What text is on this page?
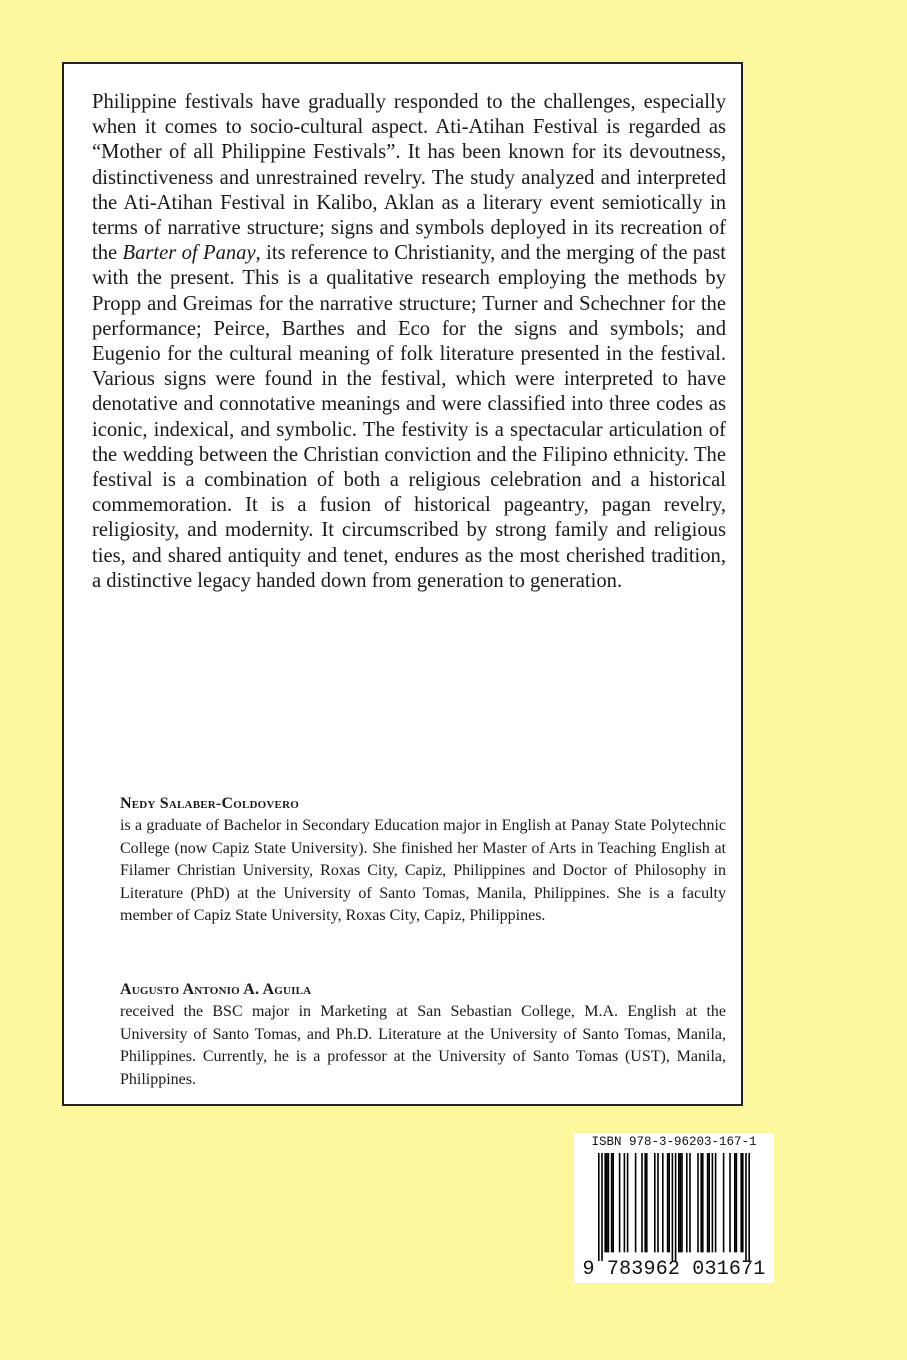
Philippine festivals have gradually responded to the challenges, especially when it comes to socio-cultural aspect. Ati-Atihan Festival is regarded as “Mother of all Philippine Festivals”. It has been known for its devoutness, distinctiveness and unrestrained revelry. The study analyzed and interpreted the Ati-Atihan Festival in Kalibo, Aklan as a literary event semiotically in terms of narrative structure; signs and symbols deployed in its recreation of the Barter of Panay, its reference to Christianity, and the merging of the past with the present. This is a qualitative research employing the methods by Propp and Greimas for the narrative structure; Turner and Schechner for the performance; Peirce, Barthes and Eco for the signs and symbols; and Eugenio for the cultural meaning of folk literature presented in the festival. Various signs were found in the festival, which were interpreted to have denotative and connotative meanings and were classified into three codes as iconic, indexical, and symbolic. The festivity is a spectacular articulation of the wedding between the Christian conviction and the Filipino ethnicity. The festival is a combination of both a religious celebration and a historical commemoration. It is a fusion of historical pageantry, pagan revelry, religiosity, and modernity. It circumscribed by strong family and religious ties, and shared antiquity and tenet, endures as the most cherished tradition, a distinctive legacy handed down from generation to generation.

Nedy Salaber-Coldovero

is a graduate of Bachelor in Secondary Education major in English at Panay State Polytechnic College (now Capiz State University). She finished her Master of Arts in Teaching English at Filamer Christian University, Roxas City, Capiz, Philippines and Doctor of Philosophy in Literature (PhD) at the University of Santo Tomas, Manila, Philippines. She is a faculty member of Capiz State University, Roxas City, Capiz, Philippines.

Augusto Antonio A. Aguila

received the BSC major in Marketing at San Sebastian College, M.A. English at the University of Santo Tomas, and Ph.D. Literature at the University of Santo Tomas, Manila, Philippines. Currently, he is a professor at the University of Santo Tomas (UST), Manila, Philippines.

ISBN 978-3-96203-167-1
9 783962 031671
